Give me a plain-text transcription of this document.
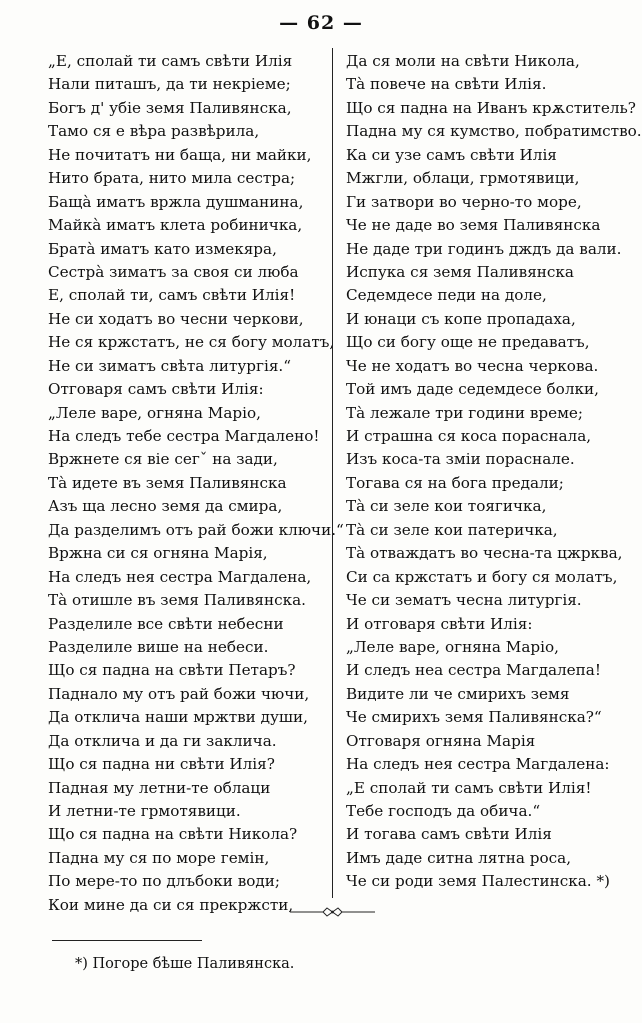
— 62 —
„Е, сполай ти самъ свѣти Илія
Нали питашъ, да ти некріеме;
Богъ д' убіе земя Паливянска,
Тамо ся е вѣра развѣрила,
Не почитатъ ни баща, ни майки,
Нито брата, нито мила сестра;
Бащà иматъ вржла душманина,
Майкà иматъ клета робиничка,
Братà иматъ като измекяра,
Сестрà зиматъ за своя си люба
Е, сполай ти, самъ свѣти Илія!
Не си ходатъ во чесни черкови,
Не ся кржстатъ, не ся богу молатъ,
Не си зиматъ свѣта литургія.“
Отговаря самъ свѣти Илія:
„Леле варе, огняна Маріо,
На следъ тебе сестра Магдалено!
Вржнете ся віе сегˇ на зади,
Тà идете въ земя Паливянска
Азъ ща лесно земя да смира,
Да разделимъ отъ рай божи ключи.“
Вржна си ся огняна Марія,
На следъ нея сестра Магдалена,
Тà отишле въ земя Паливянска.
Разделиле все свѣти небесни
Разделиле више на небеси.
Що ся падна на свѣти Петаръ?
Паднало му отъ рай божи чючи,
Да отклича наши мржтви души,
Да отклича и да ги заклича.
Що ся падна ни свѣти Илія?
Падная му летни-те облаци
И летни-те грмотявици.
Що ся падна на свѣти Никола?
Падна му ся по море гемін,
По мере-то по длъбоки води;
Кои мине да си ся прекржсти,
Да ся моли на свѣти Никола,
Тà повече на свѣти Илія.
Що ся падна на Иванъ крѫститель?
Падна му ся кумство, побратимство.
Ка си узе самъ свѣти Илія
Мжгли, облаци, грмотявици,
Ги затвори во черно-то море,
Че не даде во земя Паливянска
Не даде три годинъ дждъ да вали.
Испука ся земя Паливянска
Седемдесе педи на доле,
И юнаци съ копе пропадаха,
Що си богу още не предаватъ,
Че не ходатъ во чесна черкова.
Той имъ даде седемдесе болки,
Тà лежале три години време;
И страшна ся коса пораснала,
Изъ коса-та зміи пораснале.
Тогава ся на бога предали;
Тà си зеле кои тоягичка,
Тà си зеле кои патеричка,
Тà отваждатъ во чесна-та цжрква,
Си са кржстатъ и богу ся молатъ,
Че си зематъ чесна литургія.
И отговаря свѣти Илія:
„Леле варе, огняна Маріо,
И следъ неа сестра Магдалепа!
Видите ли че смирихъ земя
Че смирихъ земя Паливянска?“
Отговаря огняна Марія
На следъ нея сестра Магдалена:
„Е сполай ти самъ свѣти Илія!
Тебе господъ да обича.“
И тогава самъ свѣти Илія
Имъ даде ситна лятна роса,
Че си роди земя Палестинска. *)
*) Погоре бѣше Паливянска.
